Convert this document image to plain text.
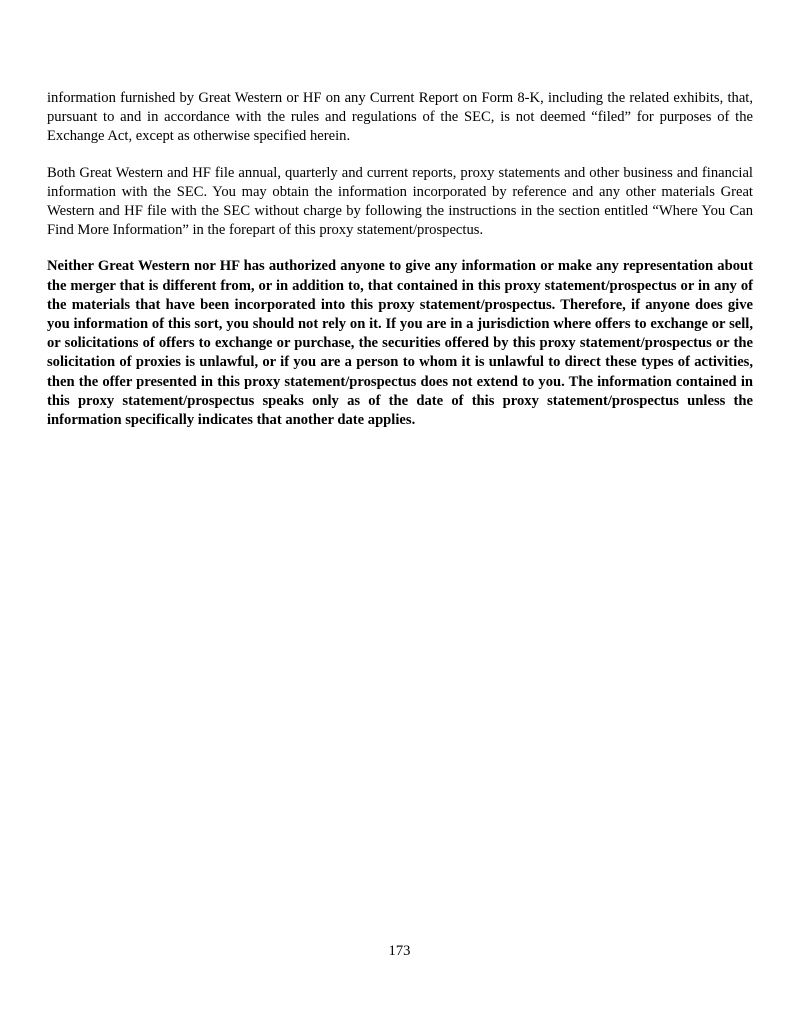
information furnished by Great Western or HF on any Current Report on Form 8-K, including the related exhibits, that, pursuant to and in accordance with the rules and regulations of the SEC, is not deemed “filed” for purposes of the Exchange Act, except as otherwise specified herein.

Both Great Western and HF file annual, quarterly and current reports, proxy statements and other business and financial information with the SEC. You may obtain the information incorporated by reference and any other materials Great Western and HF file with the SEC without charge by following the instructions in the section entitled “Where You Can Find More Information” in the forepart of this proxy statement/prospectus.

Neither Great Western nor HF has authorized anyone to give any information or make any representation about the merger that is different from, or in addition to, that contained in this proxy statement/prospectus or in any of the materials that have been incorporated into this proxy statement/prospectus. Therefore, if anyone does give you information of this sort, you should not rely on it. If you are in a jurisdiction where offers to exchange or sell, or solicitations of offers to exchange or purchase, the securities offered by this proxy statement/prospectus or the solicitation of proxies is unlawful, or if you are a person to whom it is unlawful to direct these types of activities, then the offer presented in this proxy statement/prospectus does not extend to you. The information contained in this proxy statement/prospectus speaks only as of the date of this proxy statement/prospectus unless the information specifically indicates that another date applies.

173
